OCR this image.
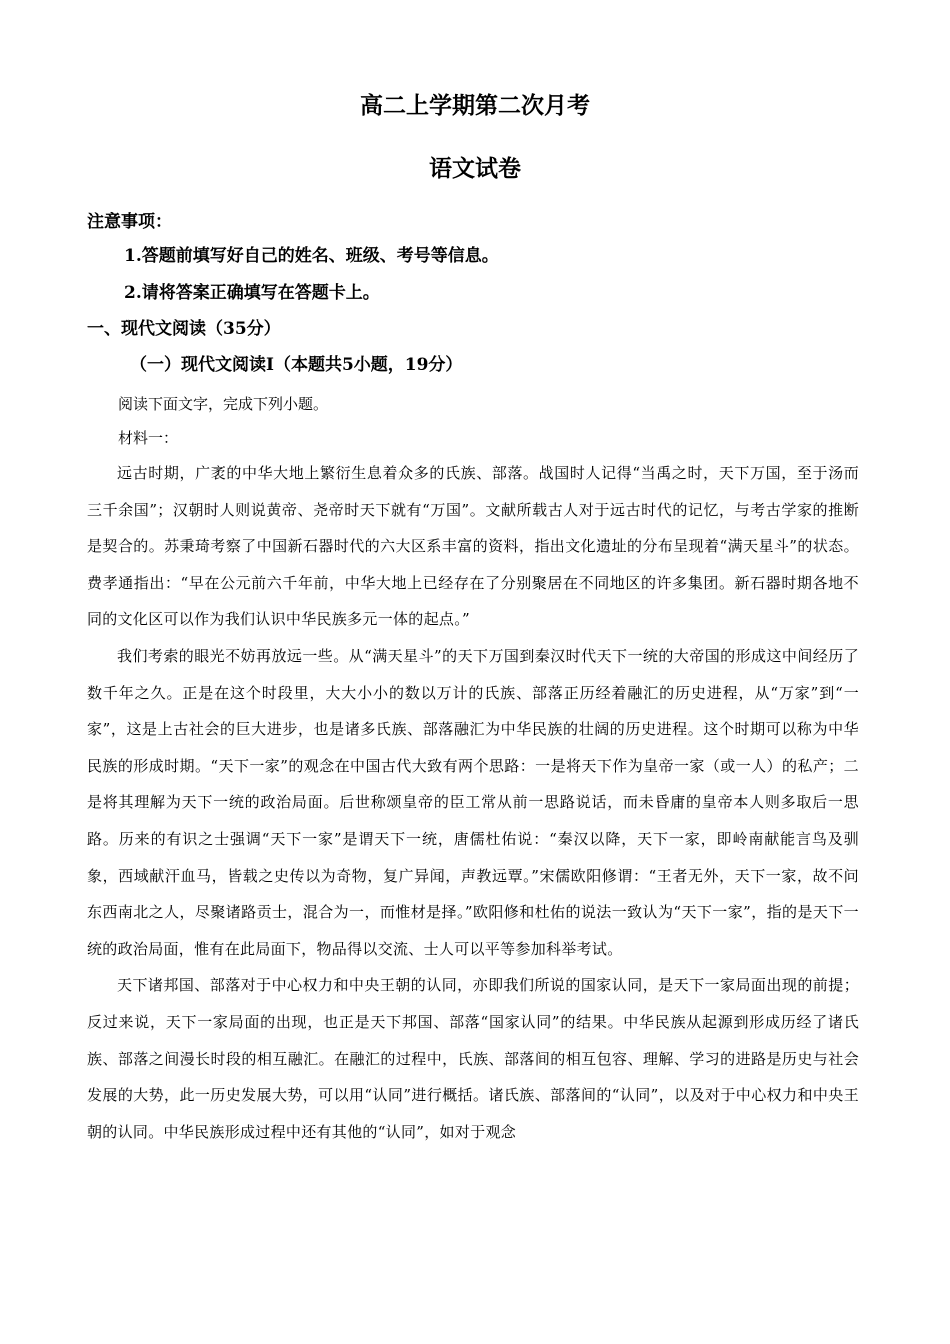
高二上学期第二次月考
语文试卷
注意事项：
1.答题前填写好自己的姓名、班级、考号等信息。
2.请将答案正确填写在答题卡上。
一、现代文阅读（35分）
（一）现代文阅读Ⅰ（本题共5小题，19分）
阅读下面文字，完成下列小题。
材料一：

远古时期，广袤的中华大地上繁衍生息着众多的氏族、部落。战国时人记得“当禹之时，天下万国，至于汤而三千余国”；汉朝时人则说黄帝、尧帝时天下就有“万国”。文献所载古人对于远古时代的记忆，与考古学家的推断是契合的。苏秉琦考察了中国新石器时代的六大区系丰富的资料，指出文化遗址的分布呈现着“满天星斗”的状态。费孝通指出：“早在公元前六千年前，中华大地上已经存在了分别聚居在不同地区的许多集团。新石器时期各地不同的文化区可以作为我们认识中华民族多元一体的起点。”

我们考索的眼光不妨再放远一些。从“满天星斗”的天下万国到秦汉时代天下一统的大帝国的形成这中间经历了数千年之久。正是在这个时段里，大大小小的数以万计的氏族、部落正历经着融汇的历史进程，从“万家”到“一家”，这是上古社会的巨大进步，也是诸多氏族、部落融汇为中华民族的壮阔的历史进程。这个时期可以称为中华民族的形成时期。“天下一家”的观念在中国古代大致有两个思路：一是将天下作为皇帝一家（或一人）的私产；二是将其理解为天下一统的政治局面。后世称颂皇帝的臣工常从前一思路说话，而未昏庸的皇帝本人则多取后一思路。历来的有识之士强调“天下一家”是谓天下一统，唐儒杜佑说：“秦汉以降，天下一家，即岭南献能言鸟及驯象，西域献汗血马，皆载之史传以为奇物，复广异闻，声教远覃。”宋儒欧阳修谓：“王者无外，天下一家，故不问东西南北之人，尽聚诸路贡士，混合为一，而惟材是择。”欧阳修和杜佑的说法一致认为“天下一家”，指的是天下一统的政治局面，惟有在此局面下，物品得以交流、士人可以平等参加科举考试。

天下诸邦国、部落对于中心权力和中央王朝的认同，亦即我们所说的国家认同，是天下一家局面出现的前提；反过来说，天下一家局面的出现，也正是天下邦国、部落“国家认同”的结果。中华民族从起源到形成历经了诸氏族、部落之间漫长时段的相互融汇。在融汇的过程中，氏族、部落间的相互包容、理解、学习的进路是历史与社会发展的大势，此一历史发展大势，可以用“认同”进行概括。诸氏族、部落间的“认同”，以及对于中心权力和中央王朝的认同。中华民族形成过程中还有其他的“认同”，如对于观念
